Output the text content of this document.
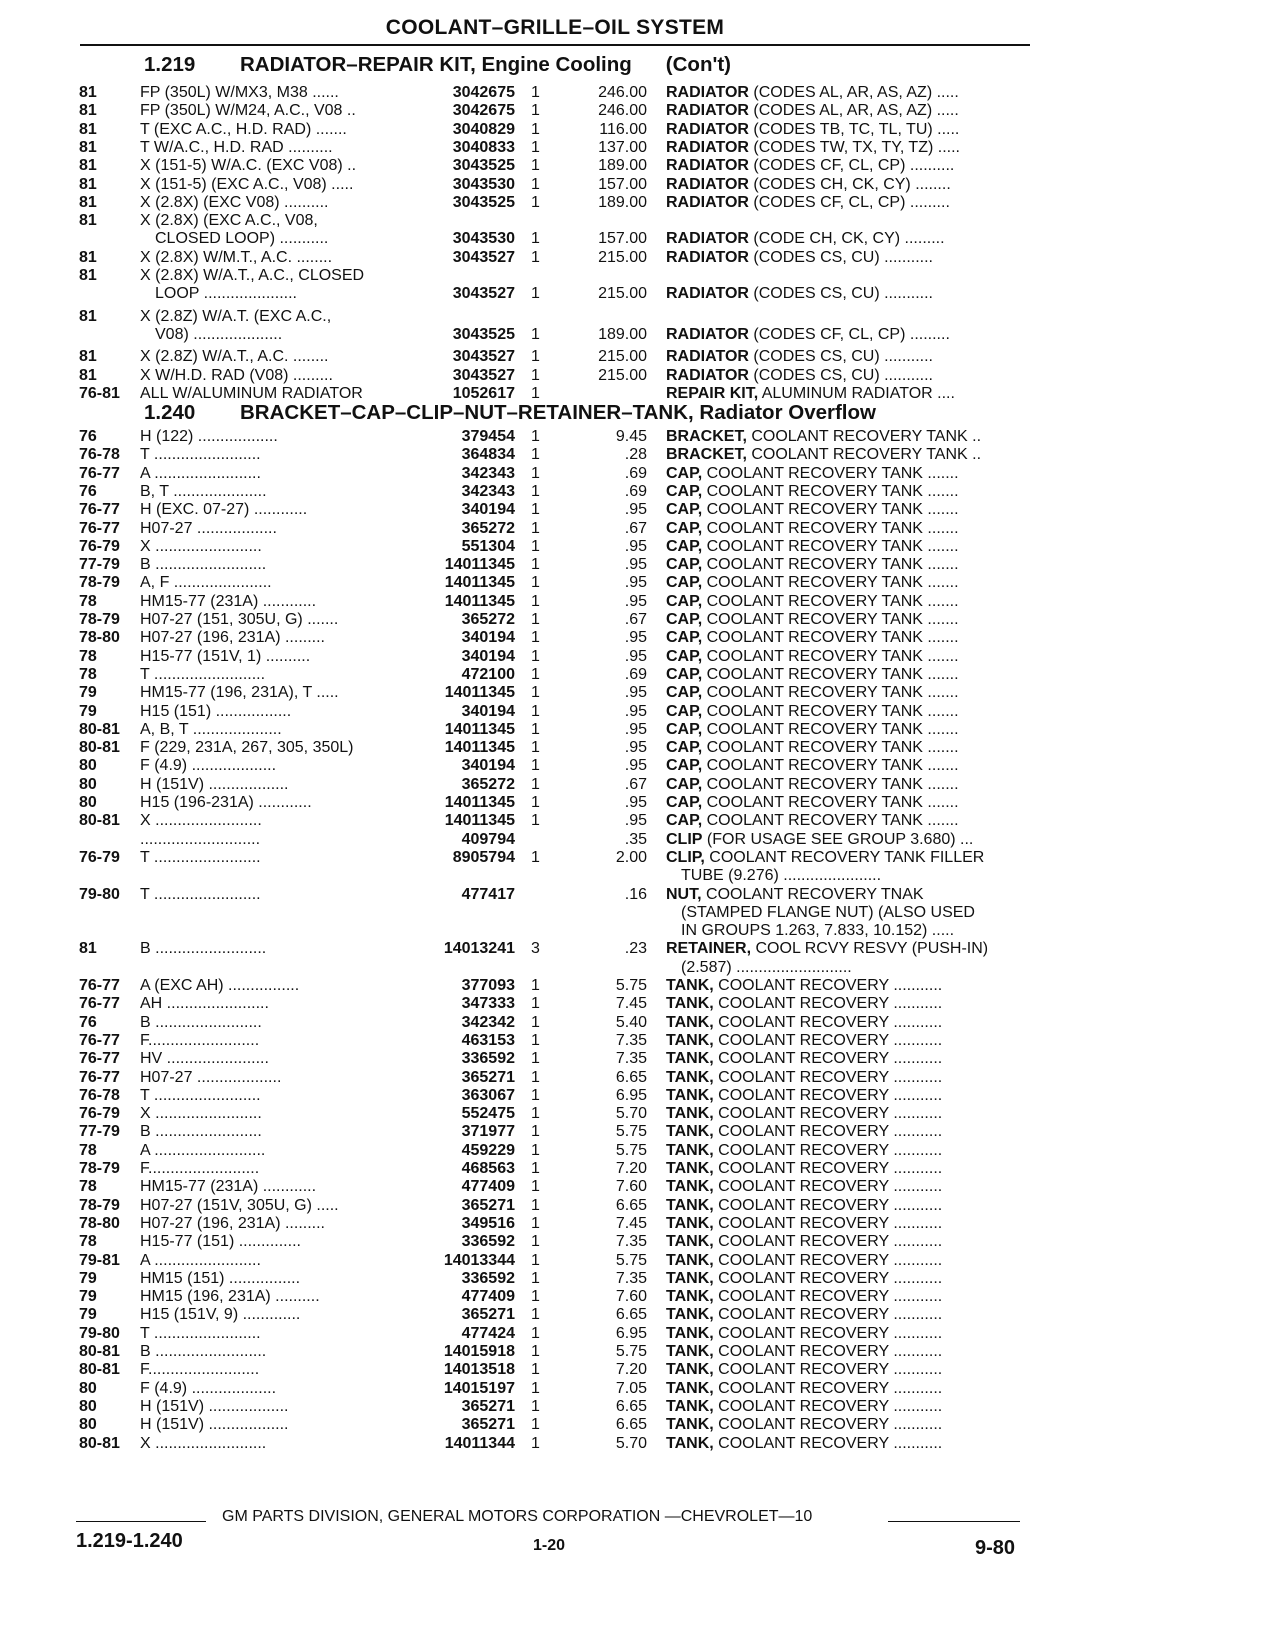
COOLANT–GRILLE–OIL SYSTEM
1.219 RADIATOR–REPAIR KIT, Engine Cooling (Con't)
1.240 BRACKET–CAP–CLIP–NUT–RETAINER–TANK, Radiator Overflow
81	FP (350L) W/MX3, M38 ......	3042675 1	246.00 RADIATOR (CODES AL, AR, AS, AZ) .....
81	FP (350L) W/M24, A.C., V08 ..	3042675 1	246.00 RADIATOR (CODES AL, AR, AS, AZ) .....
81	T (EXC A.C., H.D. RAD) .......	3040829 1	116.00 RADIATOR (CODES TB, TC, TL, TU) .....
81	T W/A.C., H.D. RAD ..........	3040833 1	137.00 RADIATOR (CODES TW, TX, TY, TZ) .....
81	X (151-5) W/A.C. (EXC V08) ..	3043525 1	189.00 RADIATOR (CODES CF, CL, CP) ..........
81	X (151-5) (EXC A.C., V08) .....	3043530 1	157.00 RADIATOR (CODES CH, CK, CY) ........
81	X (2.8X) (EXC V08) ..........	3043525 1	189.00 RADIATOR (CODES CF, CL, CP) .........
81	X (2.8X) (EXC A.C., V08,
CLOSED LOOP) ...........	3043530 1	157.00 RADIATOR (CODE CH, CK, CY) .........
81	X (2.8X) W/M.T., A.C. ........	3043527 1	215.00 RADIATOR (CODES CS, CU) ...........
81	X (2.8X) W/A.T., A.C., CLOSED
LOOP .....................	3043527 1	215.00 RADIATOR (CODES CS, CU) ...........
81	X (2.8Z) W/A.T. (EXC A.C.,
V08) ....................	3043525 1	189.00 RADIATOR (CODES CF, CL, CP) .........
81	X (2.8Z) W/A.T., A.C. ........	3043527 1	215.00 RADIATOR (CODES CS, CU) ...........
81	X W/H.D. RAD (V08) .........	3043527 1	215.00 RADIATOR (CODES CS, CU) ...........
76-81	ALL W/ALUMINUM RADIATOR	1052617 1	REPAIR KIT, ALUMINUM RADIATOR ....
76	H (122) ..................	379454 1	9.45 BRACKET, COOLANT RECOVERY TANK ..
76-78	T ........................	364834 1	.28 BRACKET, COOLANT RECOVERY TANK ..
76-77	A ........................	342343 1	.69 CAP, COOLANT RECOVERY TANK .......
76	B, T .....................	342343 1	.69 CAP, COOLANT RECOVERY TANK .......
76-77	H (EXC. 07-27) ............	340194 1	.95 CAP, COOLANT RECOVERY TANK .......
76-77	H07-27 ..................	365272 1	.67 CAP, COOLANT RECOVERY TANK .......
76-79	X ........................	551304 1	.95 CAP, COOLANT RECOVERY TANK .......
77-79	B .........................	14011345 1	.95 CAP, COOLANT RECOVERY TANK .......
78-79	A, F ......................	14011345 1	.95 CAP, COOLANT RECOVERY TANK .......
78	HM15-77 (231A) ............	14011345 1	.95 CAP, COOLANT RECOVERY TANK .......
78-79	H07-27 (151, 305U, G) .......	365272 1	.67 CAP, COOLANT RECOVERY TANK .......
78-80	H07-27 (196, 231A) .........	340194 1	.95 CAP, COOLANT RECOVERY TANK .......
78	H15-77 (151V, 1) ..........	340194 1	.95 CAP, COOLANT RECOVERY TANK .......
78	T .........................	472100 1	.69 CAP, COOLANT RECOVERY TANK .......
79	HM15-77 (196, 231A), T .....	14011345 1	.95 CAP, COOLANT RECOVERY TANK .......
79	H15 (151) .................	340194 1	.95 CAP, COOLANT RECOVERY TANK .......
80-81	A, B, T ....................	14011345 1	.95 CAP, COOLANT RECOVERY TANK .......
80-81	F (229, 231A, 267, 305, 350L)	14011345 1	.95 CAP, COOLANT RECOVERY TANK .......
80	F (4.9) ...................	340194 1	.95 CAP, COOLANT RECOVERY TANK .......
80	H (151V) ..................	365272 1	.67 CAP, COOLANT RECOVERY TANK .......
80	H15 (196-231A) ............	14011345 1	.95 CAP, COOLANT RECOVERY TANK .......
80-81	X ........................	14011345 1	.95 CAP, COOLANT RECOVERY TANK .......
...........................	409794	.35 CLIP (FOR USAGE SEE GROUP 3.680) ...
76-79	T ........................	8905794 1	2.00 CLIP, COOLANT RECOVERY TANK FILLER
TUBE (9.276) ......................
79-80	T ........................	477417	.16 NUT, COOLANT RECOVERY TNAK
(STAMPED FLANGE NUT) (ALSO USED
IN GROUPS 1.263, 7.833, 10.152) .....
81	B .........................	14013241 3	.23 RETAINER, COOL RCVY RESVY (PUSH-IN)
(2.587) ..........................
76-77	A (EXC AH) ................	377093 1	5.75 TANK, COOLANT RECOVERY ...........
76-77	AH .......................	347333 1	7.45 TANK, COOLANT RECOVERY ...........
76	B ........................	342342 1	5.40 TANK, COOLANT RECOVERY ...........
76-77	F.........................	463153 1	7.35 TANK, COOLANT RECOVERY ...........
76-77	HV .......................	336592 1	7.35 TANK, COOLANT RECOVERY ...........
76-77	H07-27 ...................	365271 1	6.65 TANK, COOLANT RECOVERY ...........
76-78	T ........................	363067 1	6.95 TANK, COOLANT RECOVERY ...........
76-79	X ........................	552475 1	5.70 TANK, COOLANT RECOVERY ...........
77-79	B ........................	371977 1	5.75 TANK, COOLANT RECOVERY ...........
78	A .........................	459229 1	5.75 TANK, COOLANT RECOVERY ...........
78-79	F.........................	468563 1	7.20 TANK, COOLANT RECOVERY ...........
78	HM15-77 (231A) ............	477409 1	7.60 TANK, COOLANT RECOVERY ...........
78-79	H07-27 (151V, 305U, G) .....	365271 1	6.65 TANK, COOLANT RECOVERY ...........
78-80	H07-27 (196, 231A) .........	349516 1	7.45 TANK, COOLANT RECOVERY ...........
78	H15-77 (151) ..............	336592 1	7.35 TANK, COOLANT RECOVERY ...........
79-81	A ........................	14013344 1	5.75 TANK, COOLANT RECOVERY ...........
79	HM15 (151) ................	336592 1	7.35 TANK, COOLANT RECOVERY ...........
79	HM15 (196, 231A) ..........	477409 1	7.60 TANK, COOLANT RECOVERY ...........
79	H15 (151V, 9) .............	365271 1	6.65 TANK, COOLANT RECOVERY ...........
79-80	T ........................	477424 1	6.95 TANK, COOLANT RECOVERY ...........
80-81	B .........................	14015918 1	5.75 TANK, COOLANT RECOVERY ...........
80-81	F.........................	14013518 1	7.20 TANK, COOLANT RECOVERY ...........
80	F (4.9) ...................	14015197 1	7.05 TANK, COOLANT RECOVERY ...........
80	H (151V) ..................	365271 1	6.65 TANK, COOLANT RECOVERY ...........
80	H (151V) ..................	365271 1	6.65 TANK, COOLANT RECOVERY ...........
80-81	X .........................	14011344 1	5.70 TANK, COOLANT RECOVERY ...........
GM PARTS DIVISION, GENERAL MOTORS CORPORATION —CHEVROLET—10
1.219-1.240	1-20	9-80
